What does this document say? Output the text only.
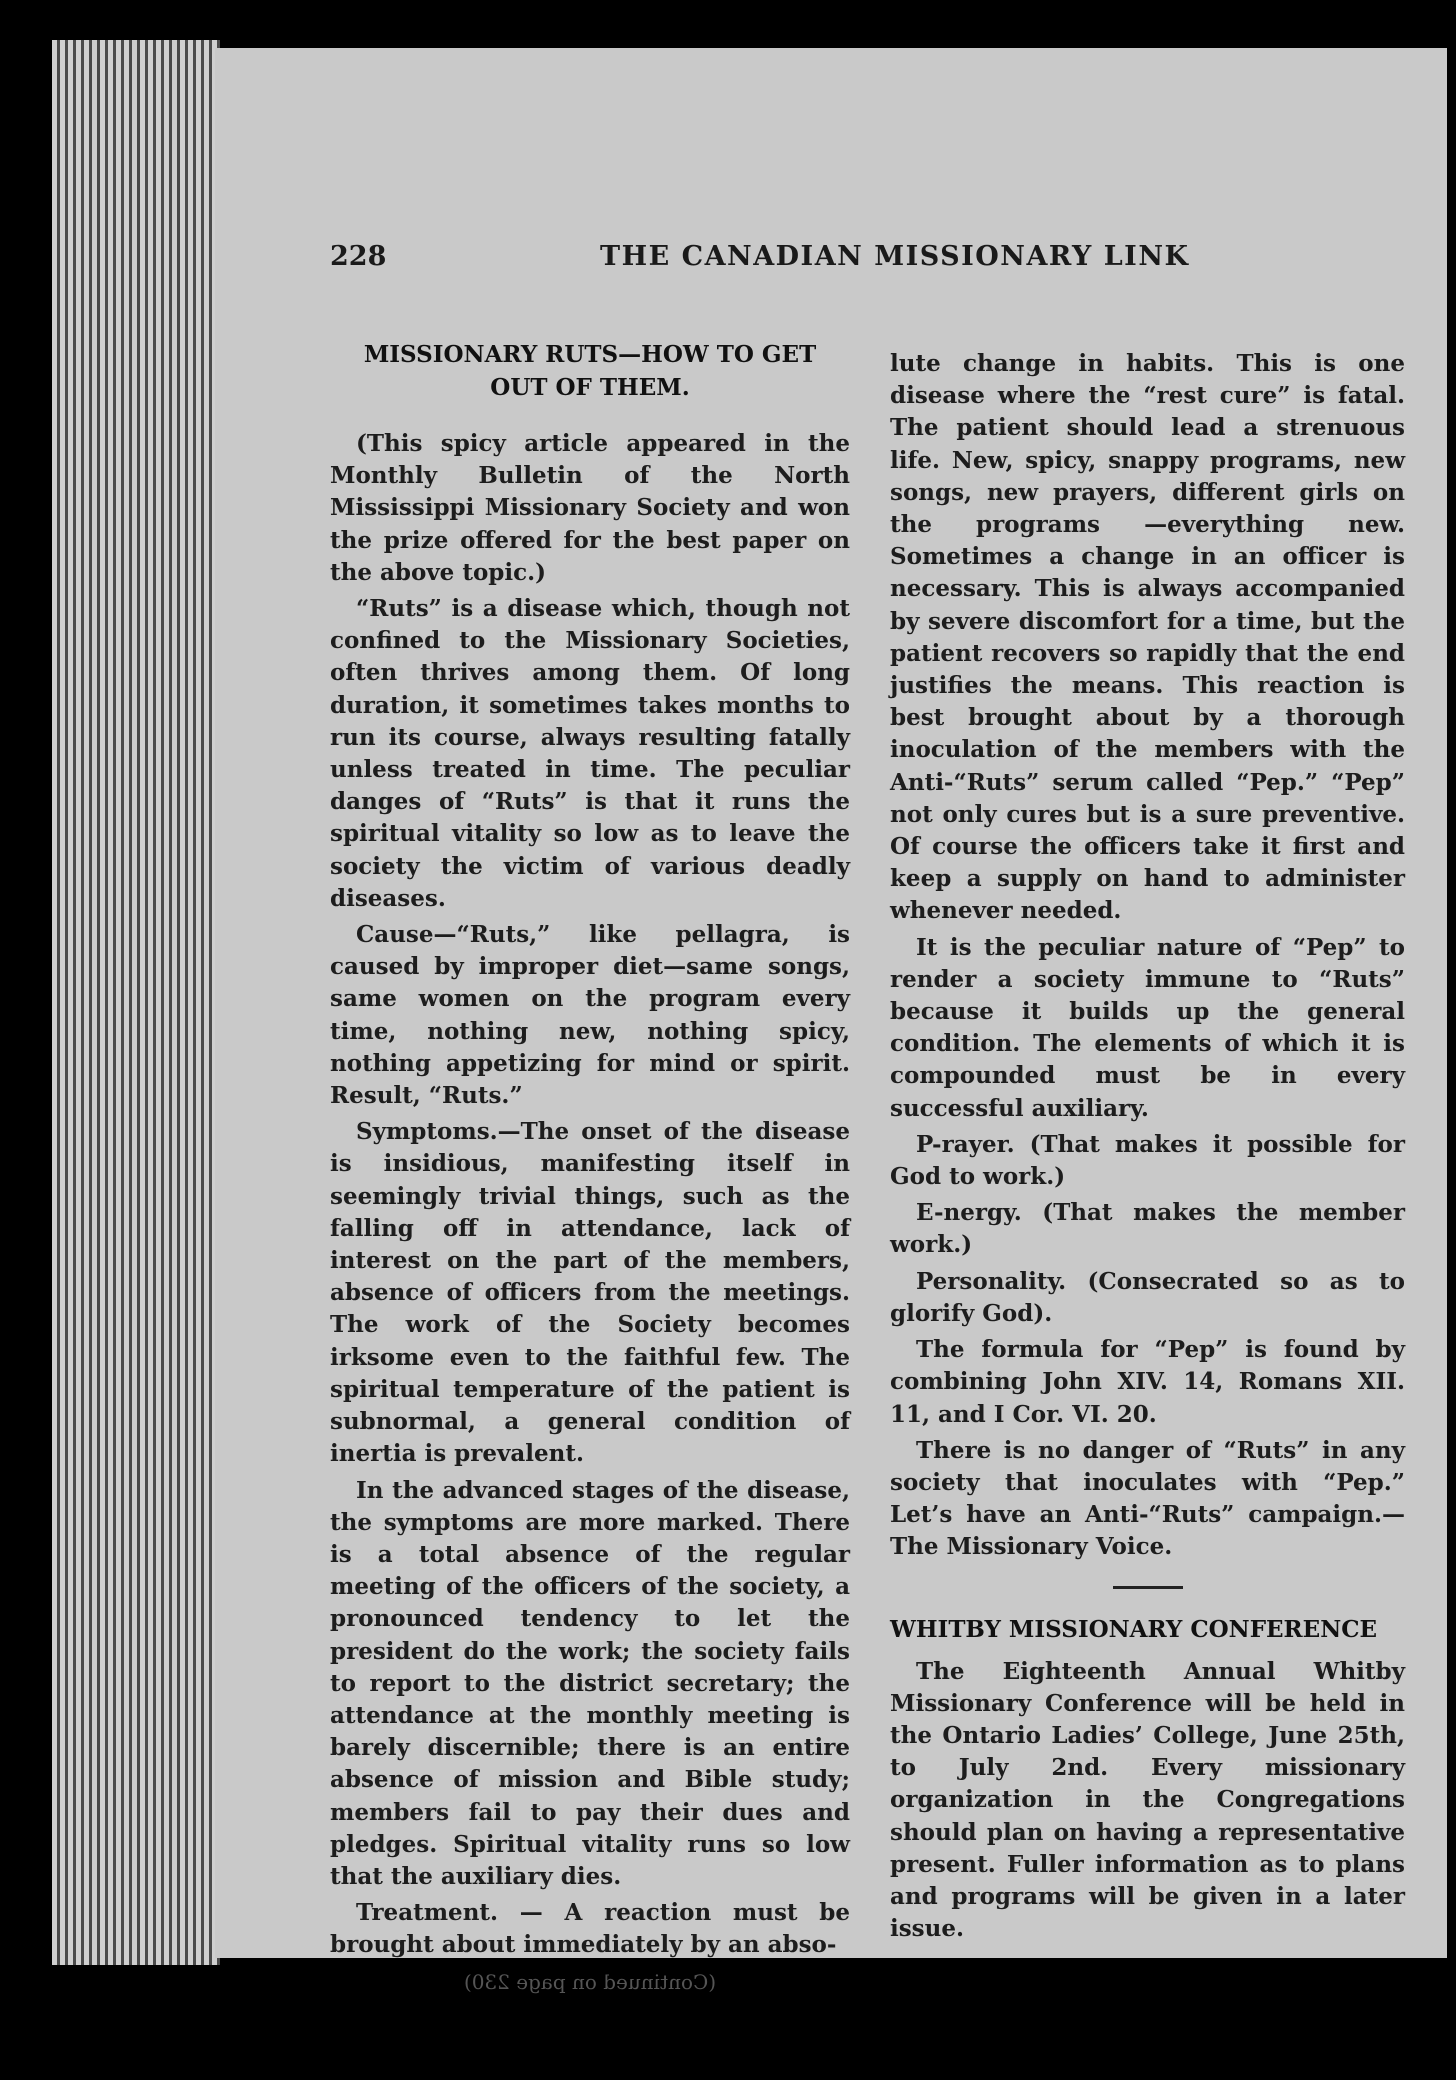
228	THE CANADIAN MISSIONARY LINK
MISSIONARY RUTS—HOW TO GET
OUT OF THEM.

(This spicy article appeared in the Monthly Bulletin of the North Mississippi Missionary Society and won the prize offered for the best paper on the above topic.)

“Ruts” is a disease which, though not confined to the Missionary Societies, often thrives among them. Of long duration, it sometimes takes months to run its course, always resulting fatally unless treated in time. The peculiar danges of “Ruts” is that it runs the spiritual vitality so low as to leave the society the victim of various deadly diseases.

Cause—“Ruts,” like pellagra, is caused by improper diet—same songs, same women on the program every time, nothing new, nothing spicy, nothing appetizing for mind or spirit. Result, “Ruts.”

Symptoms.—The onset of the disease is insidious, manifesting itself in seemingly trivial things, such as the falling off in attendance, lack of interest on the part of the members, absence of officers from the meetings. The work of the Society becomes irksome even to the faithful few. The spiritual temperature of the patient is subnormal, a general condition of inertia is prevalent.

In the advanced stages of the disease, the symptoms are more marked. There is a total absence of the regular meeting of the officers of the society, a pronounced tendency to let the president do the work; the society fails to report to the district secretary; the attendance at the monthly meeting is barely discernible; there is an entire absence of mission and Bible study; members fail to pay their dues and pledges. Spiritual vitality runs so low that the auxiliary dies.

Treatment. — A reaction must be brought about immediately by an abso-

(Continued on page 230)

lute change in habits. This is one disease where the “rest cure” is fatal. The patient should lead a strenuous life. New, spicy, snappy programs, new songs, new prayers, different girls on the programs —everything new. Sometimes a change in an officer is necessary. This is always accompanied by severe discomfort for a time, but the patient recovers so rapidly that the end justifies the means. This reaction is best brought about by a thorough inoculation of the members with the Anti-“Ruts” serum called “Pep.” “Pep” not only cures but is a sure preventive. Of course the officers take it first and keep a supply on hand to administer whenever needed.

It is the peculiar nature of “Pep” to render a society immune to “Ruts” because it builds up the general condition. The elements of which it is compounded must be in every successful auxiliary.

P-rayer. (That makes it possible for God to work.)

E-nergy. (That makes the member work.)

Personality. (Consecrated so as to glorify God).

The formula for “Pep” is found by combining John XIV. 14, Romans XII. 11, and I Cor. VI. 20.

There is no danger of “Ruts” in any society that inoculates with “Pep.” Let’s have an Anti-“Ruts” campaign.— The Missionary Voice.

WHITBY MISSIONARY CONFERENCE

The Eighteenth Annual Whitby Missionary Conference will be held in the Ontario Ladies’ College, June 25th, to July 2nd. Every missionary organization in the Congregations should plan on having a representative present. Fuller information as to plans and programs will be given in a later issue.
